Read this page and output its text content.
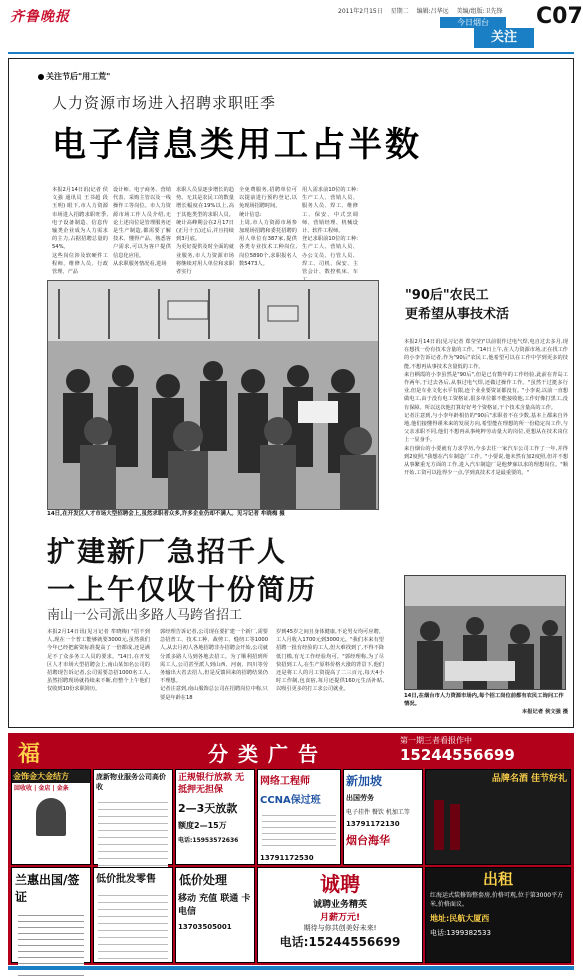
齐鲁晚报	2011年2月15日 星期二 编辑:吕华远 美编/组版:卫先锋
今日烟台
关注
C07
关注节后"用工荒"
人力资源市场进入招聘求职旺季
电子信息类用工占半数
本报2月14日讯(记者 侯文强 通讯员 王书超 段玉明) 眼下,市人力资源市场进入招聘求职旺季,电子设备制造、信息传输类企业成为人力需求的主力,占据招聘总量的54%。
这些岗位涉及软硬件工程师、维修人员、行政管理、产品
设计师、电子商务、营销代表、采购主管以及一线操作工等岗位。市人力资源市场工作人员介绍,无论上述岗位是管理服务还是生产制造,都需要了解技术、懂得产品、熟悉客户需求,可以为客户提供信息化应用。
从求职服务情况看,进场
求职人员显逐步增长的趋势。无其是农民工的数量增长幅度在19%以上,高于其他类型的求职人员。统计高峰期会在2月17日(正月十五)过后,并且持续到3月底。
为更好提供及时全面的就业服务,市人力资源市场将继续对用人单位和求职者实行
全免费服务,招聘单位可以提前进行预约登记,以免现场招聘时间。
统计信息:
上周,市人力资源市场参加现场招聘和委托招聘的用人单位有387家,提供各类专业技术工种岗位,岗位5890个,求职报名人数5473人。
用人需求前10位的工种:生产工人、营销人员、服务人员、焊工、维修工、保安、中式烹调师、营销经理、机械设计、软件工程师。
登记求职前10位的工种:生产工人、营销人员、办公文员、行管人员、焊工、司机、保安、主管会计、数控机床、车
14日,在开发区人才市场大型招聘会上,虽然求职者众多,许多企业仍却不满人。见习记者 牟晓梅 摄
扩建新厂急招千人
一上午仅收十份简历
南山一公司派出多路人马跨省招工
本报2月14日讯(见习记者 牟晓梅) "招不到人,现在一个普工能够就要3000元,虽然我们今年已经把薪资标准提高了一倍都成,还是满足不了众多务工人员的要求。"14日,在开发区人才市场大型招聘会上,南山某知名公司的招聘现告诉记者,公司需要急招1000名工人,虽然招聘现场就持续来不断,但整个上午他们仅收到10份求职简历。
郭经理告诉记者,公司现在要扩建一个新厂,需要急招普工、技术工种、裁剪工、缝纫工等1000人,从去月初人各地招聘非办招聘会开始,公司就分派多路人马到各地去招工。为了顺利招到所需工人,公司甚至派人到山西、河南、四川等劳务输出大省去招人,但是反馈回来的招聘结果仍不理想。
记者注意到,南山服饰总公司在招聘岗位中称,只要是年龄在18
岁到45岁之间且身体健康,不论男女均可应聘。工人月收入1700元到3000元。"我们本来有望招聘一批有经验的工人,但大难找到了,不得不降低门槛,有无工作经验均可。"郭经理称,为了尽快招到工人,在生产原料价格大涨的背景下,他们还是将工人的月工资提高了二三百元,每天4小时工作制,包食宿,每月还提供160元生活补贴,以吸引更多的打工求公司就业。
"90后"农民工
更希望从事技术活
本报2月14日讯(见习记者 郑莹莹)"以前很作过电气焊,电自过去多月,现在想找一份有技术含量的工作。"14日上午,在人力资源市场,正在找工作的小李告诉记者,作为"90后"农民工,他希望可以在工作中学到更多的技能,不想再从事技术含量低的工作。
来自栖霞的小李虽然是"90后",但是已有数年的工作经验,此前在青岛工作两年,于过去各后,从事过电气焊,还做过操作工作。"虽然干过挺多行业,但是车业文化水平有限,连个业业要资证都没有。"小李说,以前一直想做电工,由于没有电工资格证,很多单位都不能接收他,工作好像打黑工,没有保障。所以这次他打算好好考个资格证,干个技术含量高的工作。
记者注意到,与小李年龄相仿的"90后"求职者不在少数,基本上都来自外地,他们接懂得谨米来的发展方向,希望能在理想的所一份稳定岗工作,与父亲求职不同,他们不想再从事纯粹劳动量大的岗位,更想从在技术岗位上一显身手。
来自烟台的小要就有力求学历,今多去往一家汽车公司工作了一年,并得到2度照,"我想在汽车制造厂工作。"小要说,他未然有加2度照,但并不想从事繁重无方面的工作,进入汽车制造厂是他梦寐以求的理想岗位。"顺开始,工资可以抢得少一点,学到真技术才是最重要的。"
14日,在烟台市人力资源市场内,每个招工岗位前都有农民工询问工作情况。
本报记者 侯文强 摄
福	分类广告
第一期三者看报作中
15244556699
金饰金大金结方
回收收 | 金店 | 金条
兰惠出国/签证
庞新物业服务公司高价收
低价批发零售
正规银行放款 无抵押无担保
2—3天放款
额度2—15万
电话:15953572636
低价处理
移动 充值 联通 卡 电信
13703505001
网络工程师
CCNA保过班
13791172530
诚聘
诚聘业务精英
月薪万元!
期待与你共创美好未来!
电话:15244556699
新加坡
出国劳务
电子挂件 餐饮 机加工等
13791172130
烟台海华
品牌名酒 佳节好礼
出租
红海运式装修饰整套房,价格可观,位于第3000平方米,价格面议。
地址:民航大厦西
电话:1399382533
